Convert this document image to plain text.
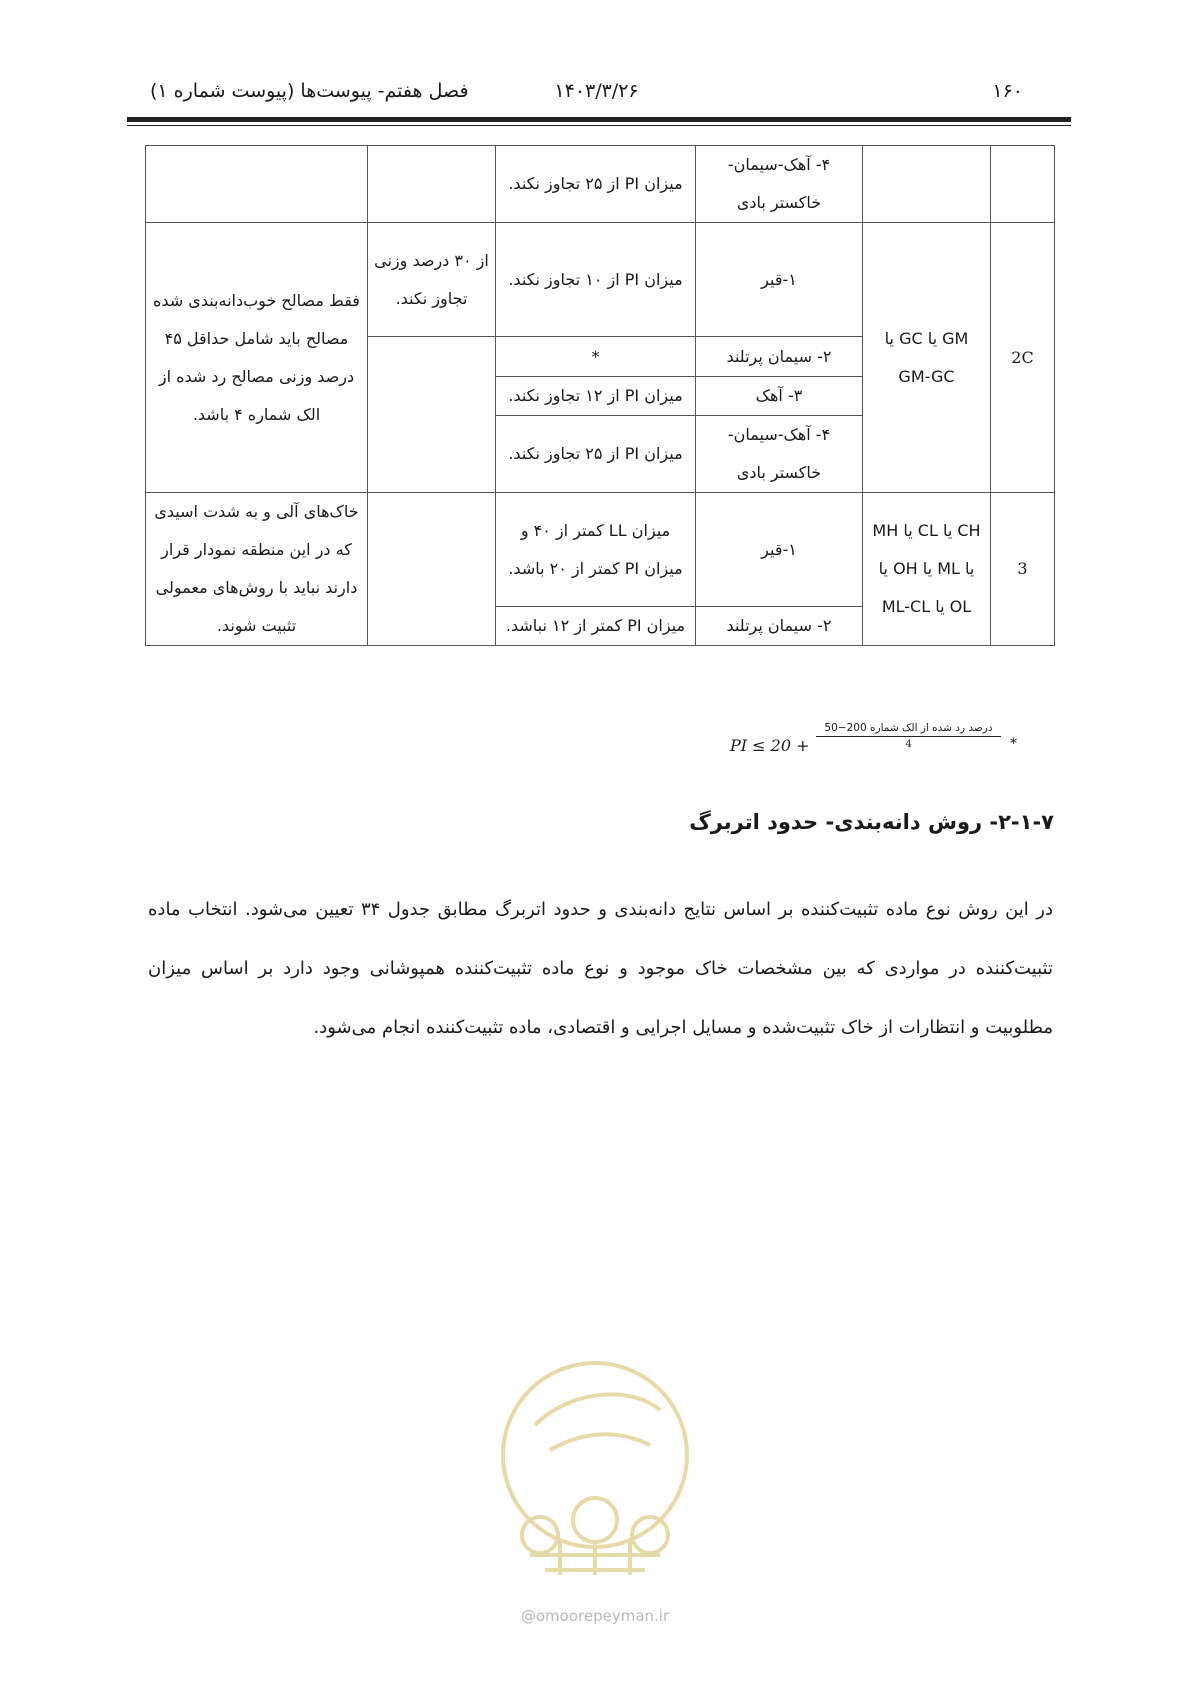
۱۶۰
۱۴۰۳/۳/۲۶
فصل هفتم- پیوست‌ها (پیوست شماره ۱)
		۴- آهک-سیمان- خاکستر بادی	میزان PI از ۲۵ تجاوز نکند.		
2C	GM یا GC یا GM-GC	۱-قیر	میزان PI از ۱۰ تجاوز نکند.	از ۳۰ درصد وزنی تجاوز نکند.	فقط مصالح خوب‌دانه‌بندی شده مصالح باید شامل حداقل ۴۵ درصد وزنی مصالح رد شده از الک شماره ۴ باشد.
		۲- سیمان پرتلند	*		
		۳- آهک	میزان PI از ۱۲ تجاوز نکند.		
		۴- آهک-سیمان- خاکستر بادی	میزان PI از ۲۵ تجاوز نکند.		
3	CH یا CL یا MH یا ML یا OH یا OL یا ML-CL	۱-قیر	میزان LL کمتر از ۴۰ و میزان PI کمتر از ۲۰ باشد.		خاک‌های آلی و به شدت اسیدی که در این منطقه نمودار قرار دارند نباید با روش‌های معمولی تثبیت شوند.
		۲- سیمان پرتلند	میزان PI کمتر از ۱۲ نباشد.		
PI ≤ 20 +
درصد رد شده از الک شماره 200−50
4	*
۲-۱-۷- روش دانه‌بندی- حدود اتربرگ
در این روش نوع ماده تثبیت‌کننده بر اساس نتایج دانه‌بندی و حدود اتربرگ مطابق جدول ۳۴ تعیین می‌شود. انتخاب ماده تثبیت‌کننده در مواردی که بین مشخصات خاک موجود و نوع ماده تثبیت‌کننده همپوشانی وجود دارد بر اساس میزان مطلوبیت و انتظارات از خاک تثبیت‌شده و مسایل اجرایی و اقتصادی، ماده تثبیت‌کننده انجام می‌شود.
@omoorepeyman.ir
